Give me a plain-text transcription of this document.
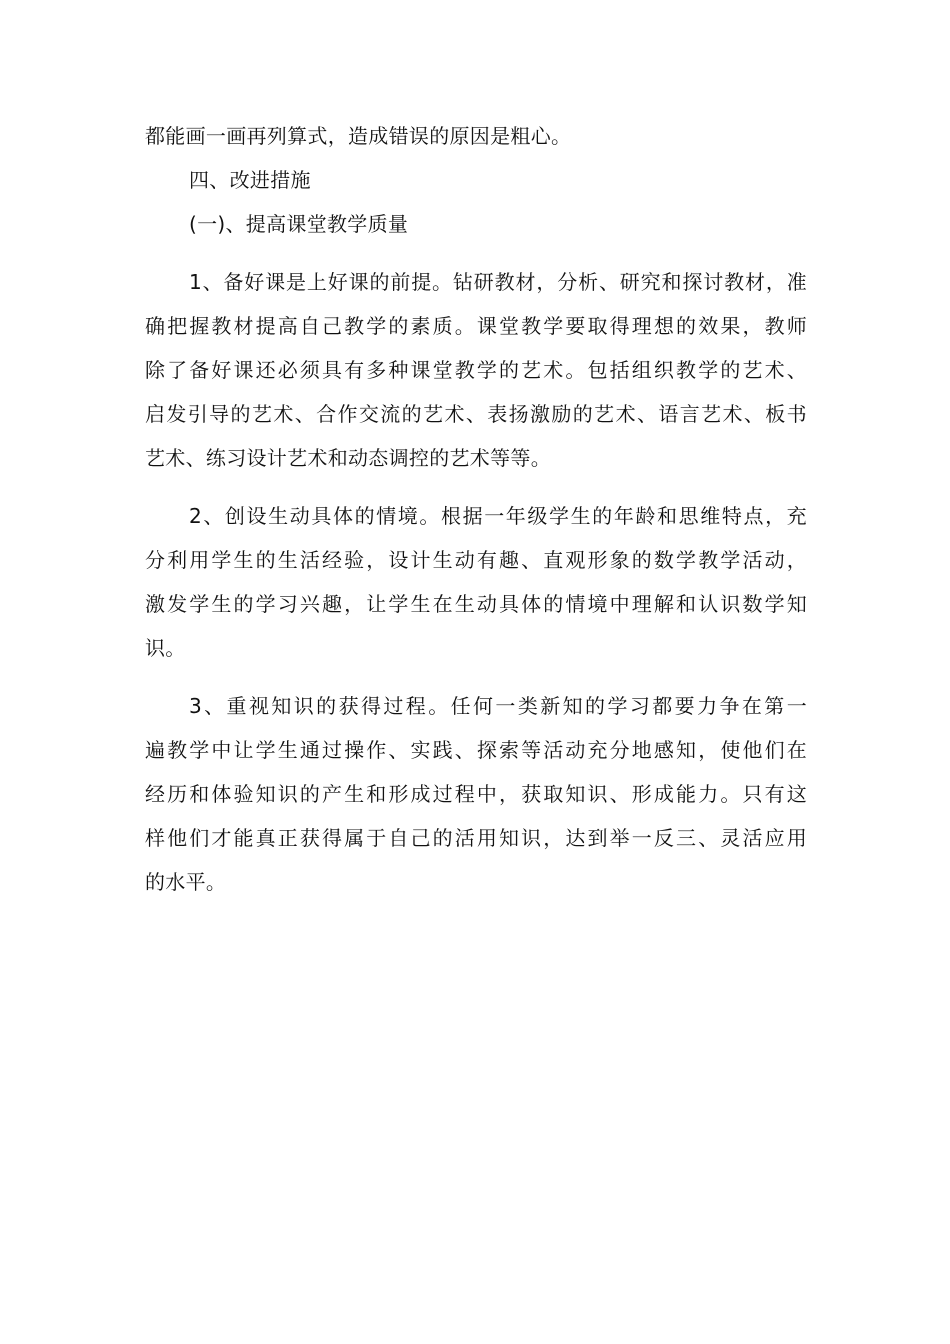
都能画一画再列算式，造成错误的原因是粗心。
四、改进措施
(一)、提高课堂教学质量
1、备好课是上好课的前提。钻研教材，分析、研究和探讨教材，准
确把握教材提高自己教学的素质。课堂教学要取得理想的效果，教师
除了备好课还必须具有多种课堂教学的艺术。包括组织教学的艺术、
启发引导的艺术、合作交流的艺术、表扬激励的艺术、语言艺术、板书
艺术、练习设计艺术和动态调控的艺术等等。
2、创设生动具体的情境。根据一年级学生的年龄和思维特点，充
分利用学生的生活经验，设计生动有趣、直观形象的数学教学活动，
激发学生的学习兴趣，让学生在生动具体的情境中理解和认识数学知
识。
3、重视知识的获得过程。任何一类新知的学习都要力争在第一
遍教学中让学生通过操作、实践、探索等活动充分地感知，使他们在
经历和体验知识的产生和形成过程中，获取知识、形成能力。只有这
样他们才能真正获得属于自己的活用知识，达到举一反三、灵活应用
的水平。
